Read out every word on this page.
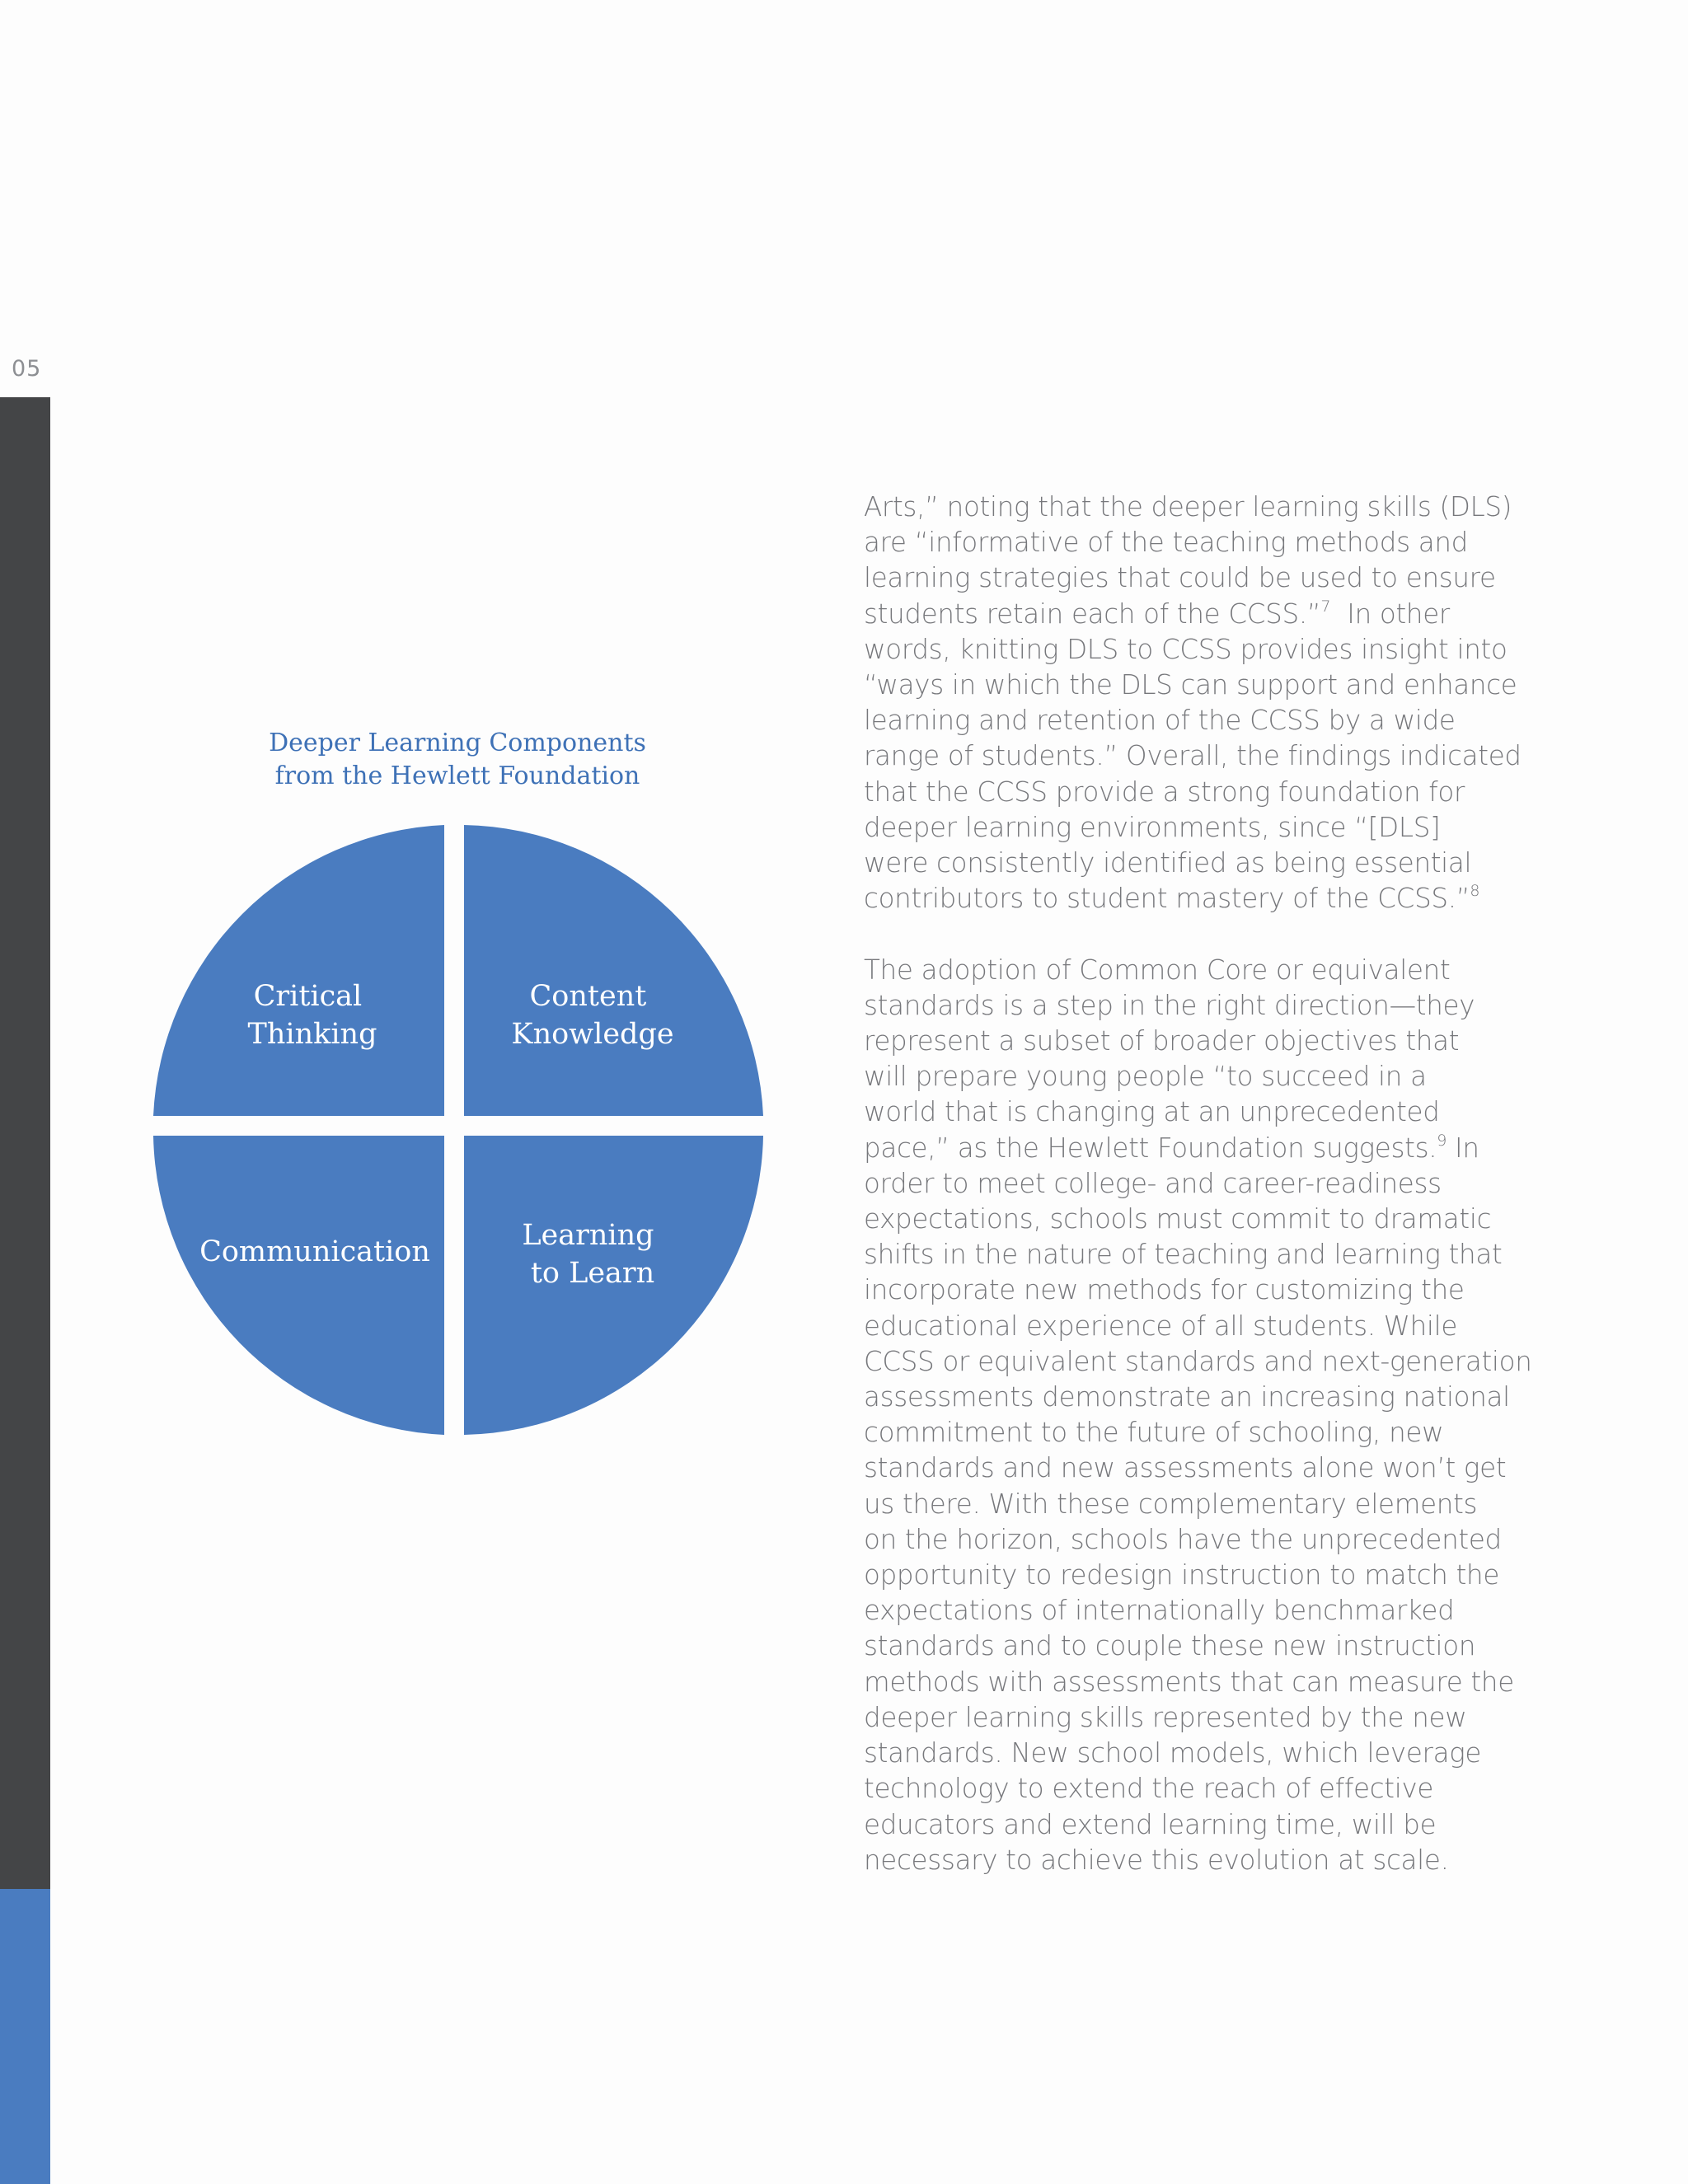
05
Deeper Learning Components
from the Hewlett Foundation
Critical Thinking
Content Knowledge
Communication	Learning to Learn
Arts,” noting that the deeper learning skills (DLS)
are “informative of the teaching methods and
learning strategies that could be used to ensure
students retain each of the CCSS.”$^7$  In other
words, knitting DLS to CCSS provides insight into
“ways in which the DLS can support and enhance
learning and retention of the CCSS by a wide
range of students.” Overall, the findings indicated
that the CCSS provide a strong foundation for
deeper learning environments, since “[DLS]
were consistently identified as being essential
contributors to student mastery of the CCSS.”$^8$
The adoption of Common Core or equivalent
standards is a step in the right direction—they
represent a subset of broader objectives that
will prepare young people “to succeed in a
world that is changing at an unprecedented
pace,” as the Hewlett Foundation suggests.$^9$ In
order to meet college- and career-readiness
expectations, schools must commit to dramatic
shifts in the nature of teaching and learning that
incorporate new methods for customizing the
educational experience of all students. While
CCSS or equivalent standards and next-generation
assessments demonstrate an increasing national
commitment to the future of schooling, new
standards and new assessments alone won’t get
us there. With these complementary elements
on the horizon, schools have the unprecedented
opportunity to redesign instruction to match the
expectations of internationally benchmarked
standards and to couple these new instruction
methods with assessments that can measure the
deeper learning skills represented by the new
standards. New school models, which leverage
technology to extend the reach of effective
educators and extend learning time, will be
necessary to achieve this evolution at scale.
